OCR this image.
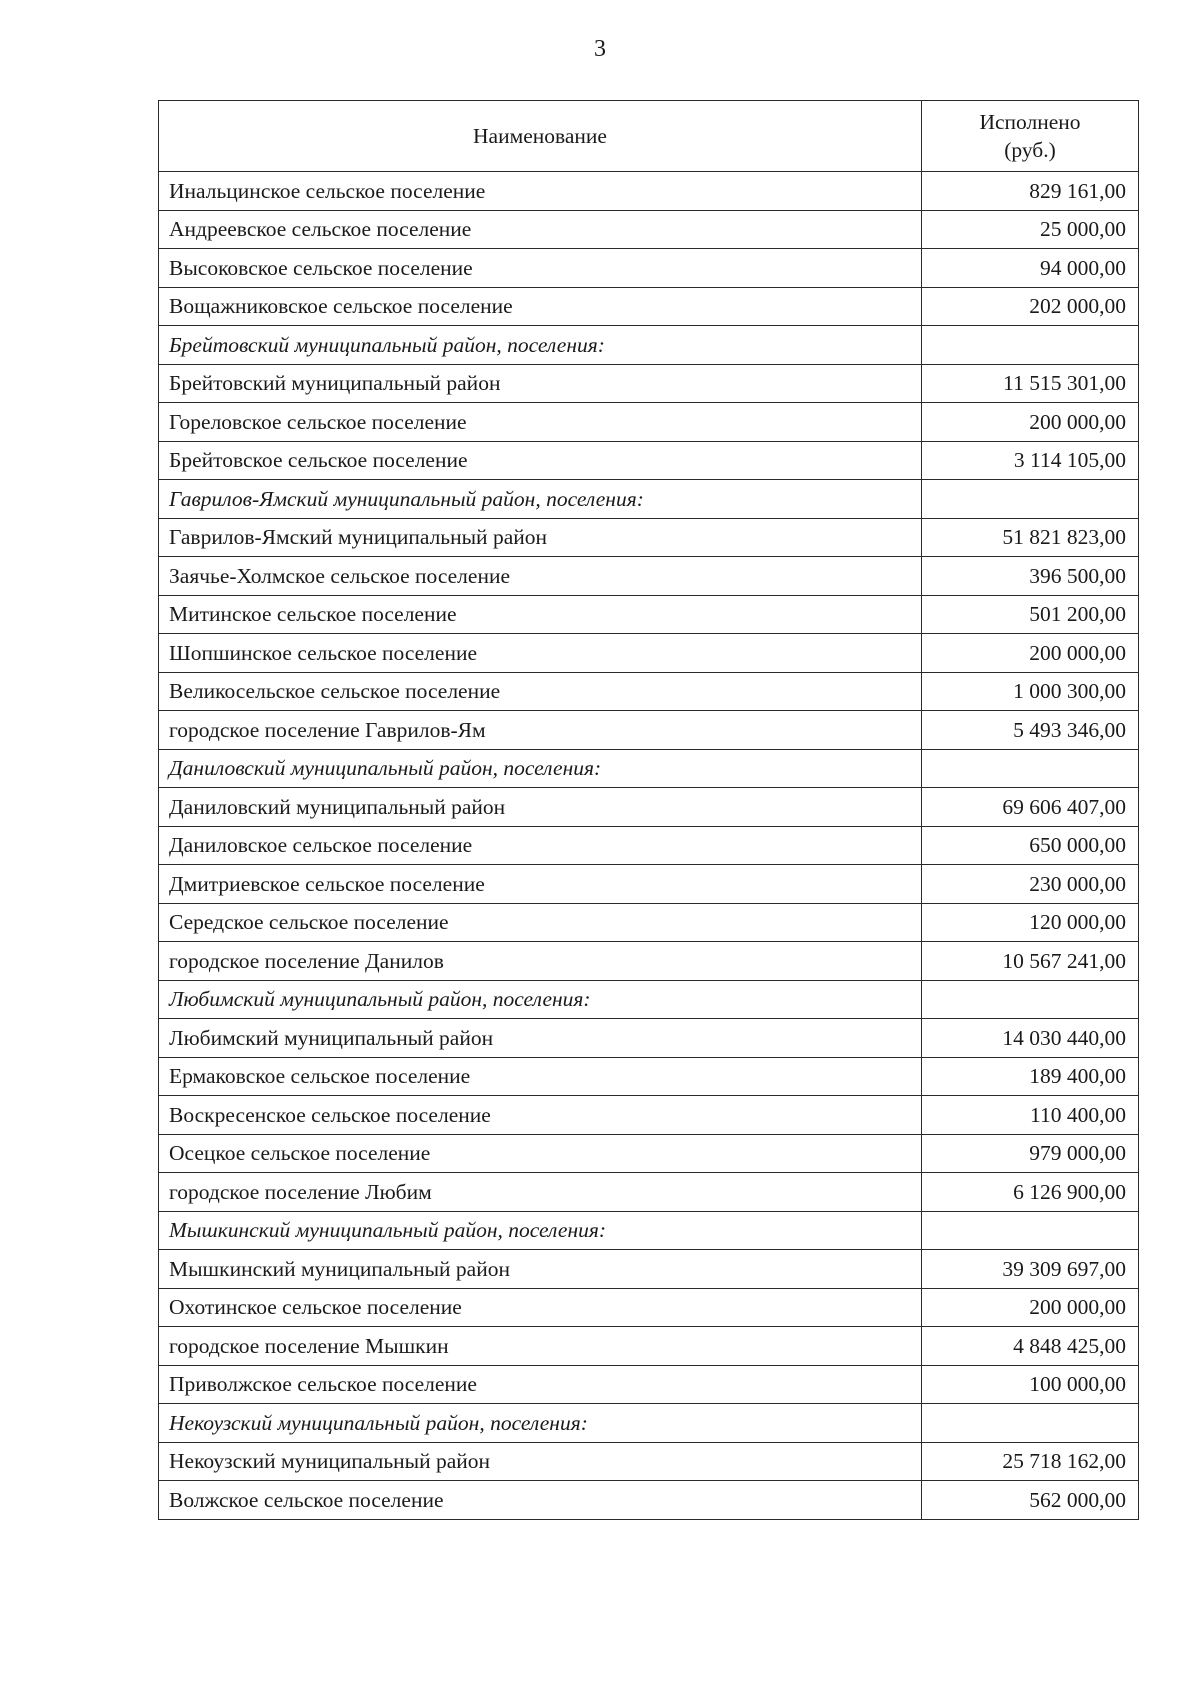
3
Наименование	Исполнено
(руб.)
Инальцинское сельское поселение	829 161,00
Андреевское сельское поселение	25 000,00
Высоковское сельское поселение	94 000,00
Вощажниковское сельское поселение	202 000,00
Брейтовский муниципальный район, поселения:	
Брейтовский муниципальный район	11 515 301,00
Гореловское сельское поселение	200 000,00
Брейтовское сельское поселение	3 114 105,00
Гаврилов-Ямский муниципальный район, поселения:	
Гаврилов-Ямский муниципальный район	51 821 823,00
Заячье-Холмское сельское поселение	396 500,00
Митинское сельское поселение	501 200,00
Шопшинское сельское поселение	200 000,00
Великосельское сельское поселение	1 000 300,00
городское поселение Гаврилов-Ям	5 493 346,00
Даниловский муниципальный район, поселения:	
Даниловский муниципальный район	69 606 407,00
Даниловское сельское поселение	650 000,00
Дмитриевское сельское поселение	230 000,00
Середское сельское поселение	120 000,00
городское поселение Данилов	10 567 241,00
Любимский муниципальный район, поселения:	
Любимский муниципальный район	14 030 440,00
Ермаковское сельское поселение	189 400,00
Воскресенское сельское поселение	110 400,00
Осецкое сельское поселение	979 000,00
городское поселение Любим	6 126 900,00
Мышкинский муниципальный район, поселения:	
Мышкинский муниципальный район	39 309 697,00
Охотинское сельское поселение	200 000,00
городское поселение Мышкин	4 848 425,00
Приволжское сельское поселение	100 000,00
Некоузский муниципальный район, поселения:	
Некоузский муниципальный район	25 718 162,00
Волжское сельское поселение	562 000,00
